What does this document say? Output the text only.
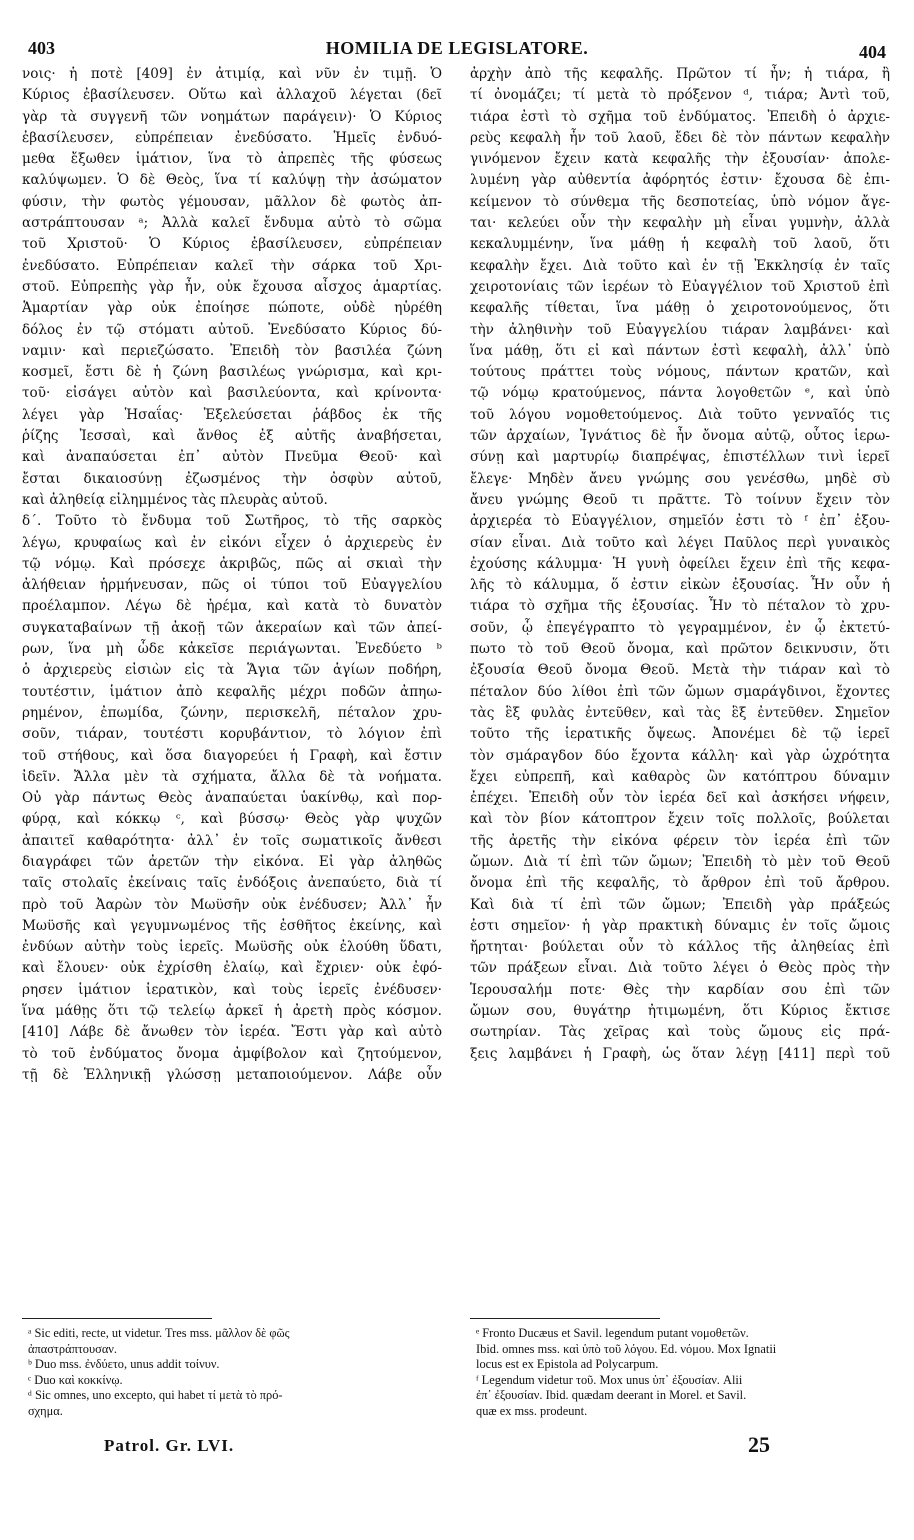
403	HOMILIA DE LEGISLATORE.	404
νοις· ἡ ποτὲ [409] ἐν ἀτιμίᾳ, καὶ νῦν ἐν τιμῇ. Ὁ
Κύριος ἐβασίλευσεν. Οὕτω καὶ ἀλλαχοῦ λέγεται (δεῖ
γὰρ τὰ συγγενῆ τῶν νοημάτων παράγειν)· Ὁ Κύριος
ἐβασίλευσεν, εὐπρέπειαν ἐνεδύσατο. Ἡμεῖς ἐνδυό-
μεθα ἔξωθεν ἱμάτιον, ἵνα τὸ ἀπρεπὲς τῆς φύσεως
καλύψωμεν. Ὁ δὲ Θεὸς, ἵνα τί καλύψῃ τὴν ἀσώματον
φύσιν, τὴν φωτὸς γέμουσαν, μᾶλλον δὲ φωτὸς ἀπ-
αστράπτουσαν ᵃ; Ἀλλὰ καλεῖ ἔνδυμα αὐτὸ τὸ σῶμα
τοῦ Χριστοῦ· Ὁ Κύριος ἐβασίλευσεν, εὐπρέπειαν
ἐνεδύσατο. Εὐπρέπειαν καλεῖ τὴν σάρκα τοῦ Χρι-
στοῦ. Εὐπρεπὴς γὰρ ἦν, οὐκ ἔχουσα αἶσχος ἁμαρτίας.
Ἁμαρτίαν γὰρ οὐκ ἐποίησε πώποτε, οὐδὲ ηὑρέθη
δόλος ἐν τῷ στόματι αὐτοῦ. Ἐνεδύσατο Κύριος δύ-
ναμιν· καὶ περιεζώσατο. Ἐπειδὴ τὸν βασιλέα ζώνη
κοσμεῖ, ἔστι δὲ ἡ ζώνη βασιλέως γνώρισμα, καὶ κρι-
τοῦ· εἰσάγει αὐτὸν καὶ βασιλεύοντα, καὶ κρίνοντα·
λέγει γὰρ Ἡσαΐας· Ἐξελεύσεται ῥάβδος ἐκ τῆς
ῥίζης Ἰεσσαὶ, καὶ ἄνθος ἐξ αὐτῆς ἀναβήσεται,
καὶ ἀναπαύσεται ἐπ᾽ αὐτὸν Πνεῦμα Θεοῦ· καὶ
ἔσται δικαιοσύνῃ ἐζωσμένος τὴν ὀσφὺν αὐτοῦ,
καὶ ἀληθείᾳ εἰλημμένος τὰς πλευρὰς αὐτοῦ.
δ΄. Τοῦτο τὸ ἔνδυμα τοῦ Σωτῆρος, τὸ τῆς σαρκὸς
λέγω, κρυφαίως καὶ ἐν εἰκόνι εἶχεν ὁ ἀρχιερεὺς ἐν
τῷ νόμῳ. Καὶ πρόσεχε ἀκριβῶς, πῶς αἱ σκιαὶ τὴν
ἀλήθειαν ἡρμήνευσαν, πῶς οἱ τύποι τοῦ Εὐαγγελίου
προέλαμπον. Λέγω δὲ ἠρέμα, καὶ κατὰ τὸ δυνατὸν
συγκαταβαίνων τῇ ἀκοῇ τῶν ἀκεραίων καὶ τῶν ἀπεί-
ρων, ἵνα μὴ ὧδε κἀκεῖσε περιάγωνται. Ἐνεδύετο ᵇ
ὁ ἀρχιερεὺς εἰσιὼν εἰς τὰ Ἅγια τῶν ἁγίων ποδήρη,
τουτέστιν, ἱμάτιον ἀπὸ κεφαλῆς μέχρι ποδῶν ἀπηω-
ρημένον, ἐπωμίδα, ζώνην, περισκελῆ, πέταλον χρυ-
σοῦν, τιάραν, τουτέστι κορυβάντιον, τὸ λόγιον ἐπὶ
τοῦ στήθους, καὶ ὅσα διαγορεύει ἡ Γραφὴ, καὶ ἔστιν
ἰδεῖν. Ἄλλα μὲν τὰ σχήματα, ἄλλα δὲ τὰ νοήματα.
Οὐ γὰρ πάντως Θεὸς ἀναπαύεται ὑακίνθῳ, καὶ πορ-
φύρᾳ, καὶ κόκκῳ ᶜ, καὶ βύσσῳ· Θεὸς γὰρ ψυχῶν
ἀπαιτεῖ καθαρότητα· ἀλλ᾽ ἐν τοῖς σωματικοῖς ἄνθεσι
διαγράφει τῶν ἀρετῶν τὴν εἰκόνα. Εἰ γὰρ ἀληθῶς
ταῖς στολαῖς ἐκείναις ταῖς ἐνδόξοις ἀνεπαύετο, διὰ τί
πρὸ τοῦ Ἀαρὼν τὸν Μωϋσῆν οὐκ ἐνέδυσεν; Ἀλλ᾽ ἦν
Μωϋσῆς καὶ γεγυμνωμένος τῆς ἐσθῆτος ἐκείνης, καὶ
ἐνδύων αὐτὴν τοὺς ἱερεῖς. Μωϋσῆς οὐκ ἐλούθη ὕδατι,
καὶ ἔλουεν· οὐκ ἐχρίσθη ἐλαίῳ, καὶ ἔχριεν· οὐκ ἐφό-
ρησεν ἱμάτιον ἱερατικὸν, καὶ τοὺς ἱερεῖς ἐνέδυσεν·
ἵνα μάθῃς ὅτι τῷ τελείῳ ἀρκεῖ ἡ ἀρετὴ πρὸς κόσμον.
[410] Λάβε δὲ ἄνωθεν τὸν ἱερέα. Ἔστι γὰρ καὶ αὐτὸ
τὸ τοῦ ἐνδύματος ὄνομα ἀμφίβολον καὶ ζητούμενον,
τῇ δὲ Ἑλληνικῇ γλώσσῃ μεταποιούμενον. Λάβε οὖν
ἀρχὴν ἀπὸ τῆς κεφαλῆς. Πρῶτον τί ἦν; ἡ τιάρα, ἢ
τί ὀνομάζει; τί μετὰ τὸ πρόξενον ᵈ, τιάρα; Ἀντὶ τοῦ,
τιάρα ἐστὶ τὸ σχῆμα τοῦ ἐνδύματος. Ἐπειδὴ ὁ ἀρχιε-
ρεὺς κεφαλὴ ἦν τοῦ λαοῦ, ἔδει δὲ τὸν πάντων κεφαλὴν
γινόμενον ἔχειν κατὰ κεφαλῆς τὴν ἐξουσίαν· ἀπολε-
λυμένη γὰρ αὐθεντία ἀφόρητός ἐστιν· ἔχουσα δὲ ἐπι-
κείμενον τὸ σύνθεμα τῆς δεσποτείας, ὑπὸ νόμον ἄγε-
ται· κελεύει οὖν τὴν κεφαλὴν μὴ εἶναι γυμνὴν, ἀλλὰ
κεκαλυμμένην, ἵνα μάθῃ ἡ κεφαλὴ τοῦ λαοῦ, ὅτι
κεφαλὴν ἔχει. Διὰ τοῦτο καὶ ἐν τῇ Ἐκκλησίᾳ ἐν ταῖς
χειροτονίαις τῶν ἱερέων τὸ Εὐαγγέλιον τοῦ Χριστοῦ ἐπὶ
κεφαλῆς τίθεται, ἵνα μάθῃ ὁ χειροτονούμενος, ὅτι
τὴν ἀληθινὴν τοῦ Εὐαγγελίου τιάραν λαμβάνει· καὶ
ἵνα μάθῃ, ὅτι εἰ καὶ πάντων ἐστὶ κεφαλὴ, ἀλλ᾽ ὑπὸ
τούτους πράττει τοὺς νόμους, πάντων κρατῶν, καὶ
τῷ νόμῳ κρατούμενος, πάντα λογοθετῶν ᵉ, καὶ ὑπὸ
τοῦ λόγου νομοθετούμενος. Διὰ τοῦτο γενναῖός τις
τῶν ἀρχαίων, Ἰγνάτιος δὲ ἦν ὄνομα αὐτῷ, οὗτος ἱερω-
σύνῃ καὶ μαρτυρίῳ διαπρέψας, ἐπιστέλλων τινὶ ἱερεῖ
ἔλεγε· Μηδὲν ἄνευ γνώμης σου γενέσθω, μηδὲ σὺ
ἄνευ γνώμης Θεοῦ τι πρᾶττε. Τὸ τοίνυν ἔχειν τὸν
ἀρχιερέα τὸ Εὐαγγέλιον, σημεῖόν ἐστι τὸ ᶠ ἐπ᾽ ἐξου-
σίαν εἶναι. Διὰ τοῦτο καὶ λέγει Παῦλος περὶ γυναικὸς
ἐχούσης κάλυμμα· Ἡ γυνὴ ὀφείλει ἔχειν ἐπὶ τῆς κεφα-
λῆς τὸ κάλυμμα, ὅ ἐστιν εἰκὼν ἐξουσίας. Ἦν οὖν ἡ
τιάρα τὸ σχῆμα τῆς ἐξουσίας. Ἦν τὸ πέταλον τὸ χρυ-
σοῦν, ᾧ ἐπεγέγραπτο τὸ γεγραμμένον, ἐν ᾧ ἐκτετύ-
πωτο τὸ τοῦ Θεοῦ ὄνομα, καὶ πρῶτον δεικνυσιν, ὅτι
ἐξουσία Θεοῦ ὄνομα Θεοῦ. Μετὰ τὴν τιάραν καὶ τὸ
πέταλον δύο λίθοι ἐπὶ τῶν ὤμων σμαράγδινοι, ἔχοντες
τὰς ἓξ φυλὰς ἐντεῦθεν, καὶ τὰς ἓξ ἐντεῦθεν. Σημεῖον
τοῦτο τῆς ἱερατικῆς ὄψεως. Ἀπονέμει δὲ τῷ ἱερεῖ
τὸν σμάραγδον δύο ἔχοντα κάλλη· καὶ γὰρ ὡχρότητα
ἔχει εὐπρεπῆ, καὶ καθαρὸς ὢν κατόπτρου δύναμιν
ἐπέχει. Ἐπειδὴ οὖν τὸν ἱερέα δεῖ καὶ ἀσκήσει νήφειν,
καὶ τὸν βίον κάτοπτρον ἔχειν τοῖς πολλοῖς, βούλεται
τῆς ἀρετῆς τὴν εἰκόνα φέρειν τὸν ἱερέα ἐπὶ τῶν
ὤμων. Διὰ τί ἐπὶ τῶν ὤμων; Ἐπειδὴ τὸ μὲν τοῦ Θεοῦ
ὄνομα ἐπὶ τῆς κεφαλῆς, τὸ ἄρθρον ἐπὶ τοῦ ἄρθρου.
Καὶ διὰ τί ἐπὶ τῶν ὤμων; Ἐπειδὴ γὰρ πράξεώς
ἐστι σημεῖον· ἡ γὰρ πρακτικὴ δύναμις ἐν τοῖς ὤμοις
ἤρτηται· βούλεται οὖν τὸ κάλλος τῆς ἀληθείας ἐπὶ
τῶν πράξεων εἶναι. Διὰ τοῦτο λέγει ὁ Θεὸς πρὸς τὴν
Ἱερουσαλήμ ποτε· Θὲς τὴν καρδίαν σου ἐπὶ τῶν
ὤμων σου, θυγάτηρ ἠτιμωμένη, ὅτι Κύριος ἔκτισε
σωτηρίαν. Τὰς χεῖρας καὶ τοὺς ὤμους εἰς πρά-
ξεις λαμβάνει ἡ Γραφὴ, ὡς ὅταν λέγῃ [411] περὶ τοῦ
ᵃ Sic editi, recte, ut videtur. Tres mss. μᾶλλον δὲ φῶς
ἀπαστράπτουσαν.
ᵇ Duo mss. ἐνδύετο, unus addit τοίνυν.
ᶜ Duo καὶ κοκκίνῳ.
ᵈ Sic omnes, uno excepto, qui habet τί μετὰ τὸ πρό-
σχημα.
ᵉ Fronto Ducæus et Savil. legendum putant νομοθετῶν.
Ibid. omnes mss. καὶ ὑπὸ τοῦ λόγου. Ed. νόμου. Mox Ignatii
locus est ex Epistola ad Polycarpum.
ᶠ Legendum videtur τοῦ. Mox unus ὑπ᾽ ἐξουσίαν. Alii
ἐπ᾽ ἐξουσίαν. Ibid. quædam deerant in Morel. et Savil.
quæ ex mss. prodeunt.
Patrol. Gr. LVI.	25
